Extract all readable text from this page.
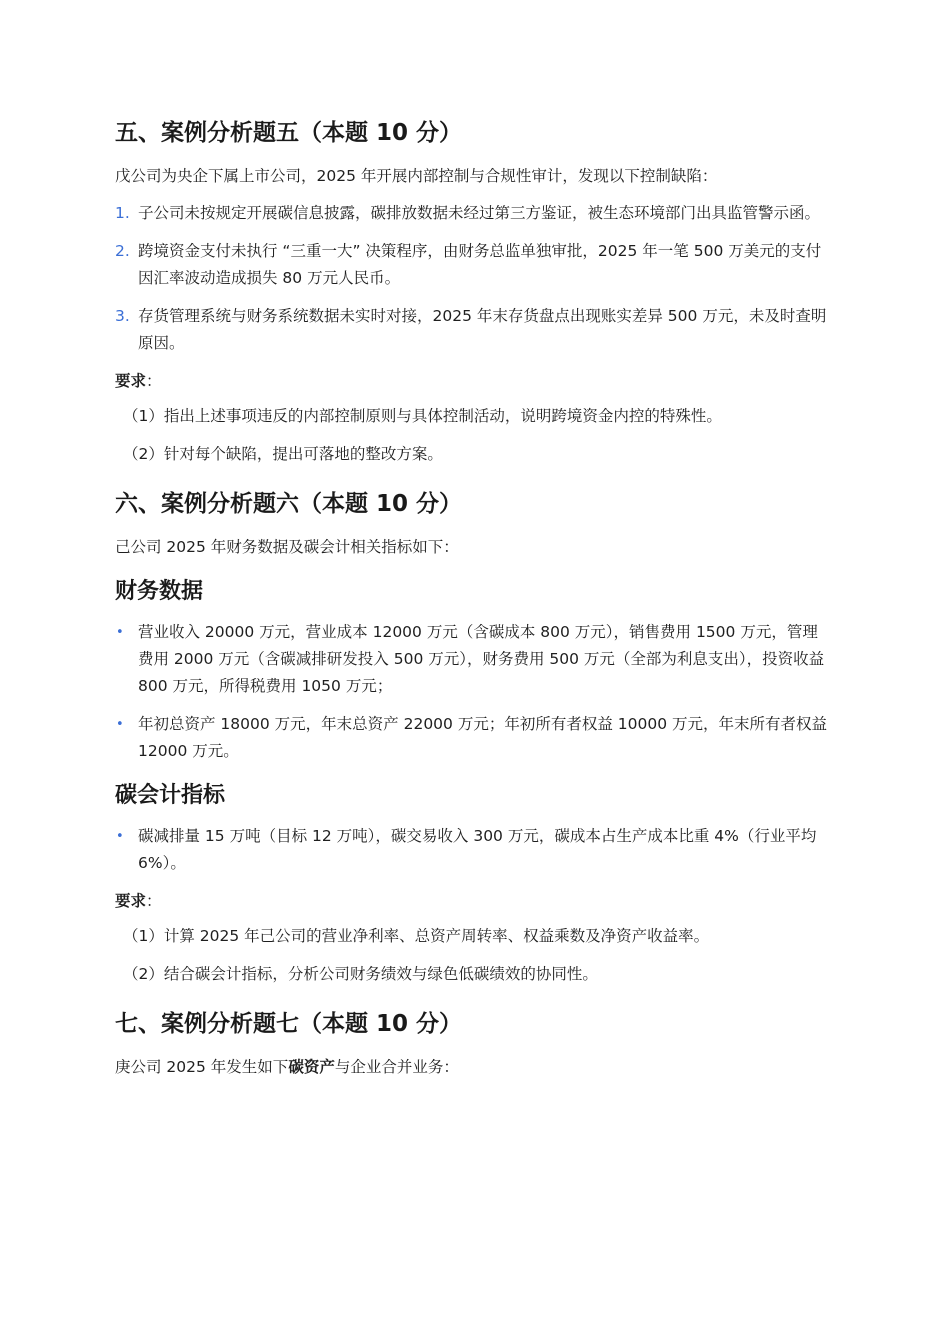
五、案例分析题五（本题 10 分）

戊公司为央企下属上市公司，2025 年开展内部控制与合规性审计，发现以下控制缺陷：

1. 子公司未按规定开展碳信息披露，碳排放数据未经过第三方鉴证，被生态环境部门出具监管警示函。
2. 跨境资金支付未执行 “三重一大” 决策程序，由财务总监单独审批，2025 年一笔 500 万美元的支付因汇率波动造成损失 80 万元人民币。
3. 存货管理系统与财务系统数据未实时对接，2025 年末存货盘点出现账实差异 500 万元，未及时查明原因。
要求：
（1）指出上述事项违反的内部控制原则与具体控制活动，说明跨境资金内控的特殊性。
（2）针对每个缺陷，提出可落地的整改方案。
六、案例分析题六（本题 10 分）

己公司 2025 年财务数据及碳会计相关指标如下：

财务数据
• 营业收入 20000 万元，营业成本 12000 万元（含碳成本 800 万元），销售费用 1500 万元，管理费用 2000 万元（含碳减排研发投入 500 万元），财务费用 500 万元（全部为利息支出），投资收益 800 万元，所得税费用 1050 万元；
• 年初总资产 18000 万元，年末总资产 22000 万元；年初所有者权益 10000 万元，年末所有者权益 12000 万元。
碳会计指标
• 碳减排量 15 万吨（目标 12 万吨），碳交易收入 300 万元，碳成本占生产成本比重 4%（行业平均 6%）。
要求：
（1）计算 2025 年己公司的营业净利率、总资产周转率、权益乘数及净资产收益率。
（2）结合碳会计指标，分析公司财务绩效与绿色低碳绩效的协同性。
七、案例分析题七（本题 10 分）

庚公司 2025 年发生如下碳资产与企业合并业务：
